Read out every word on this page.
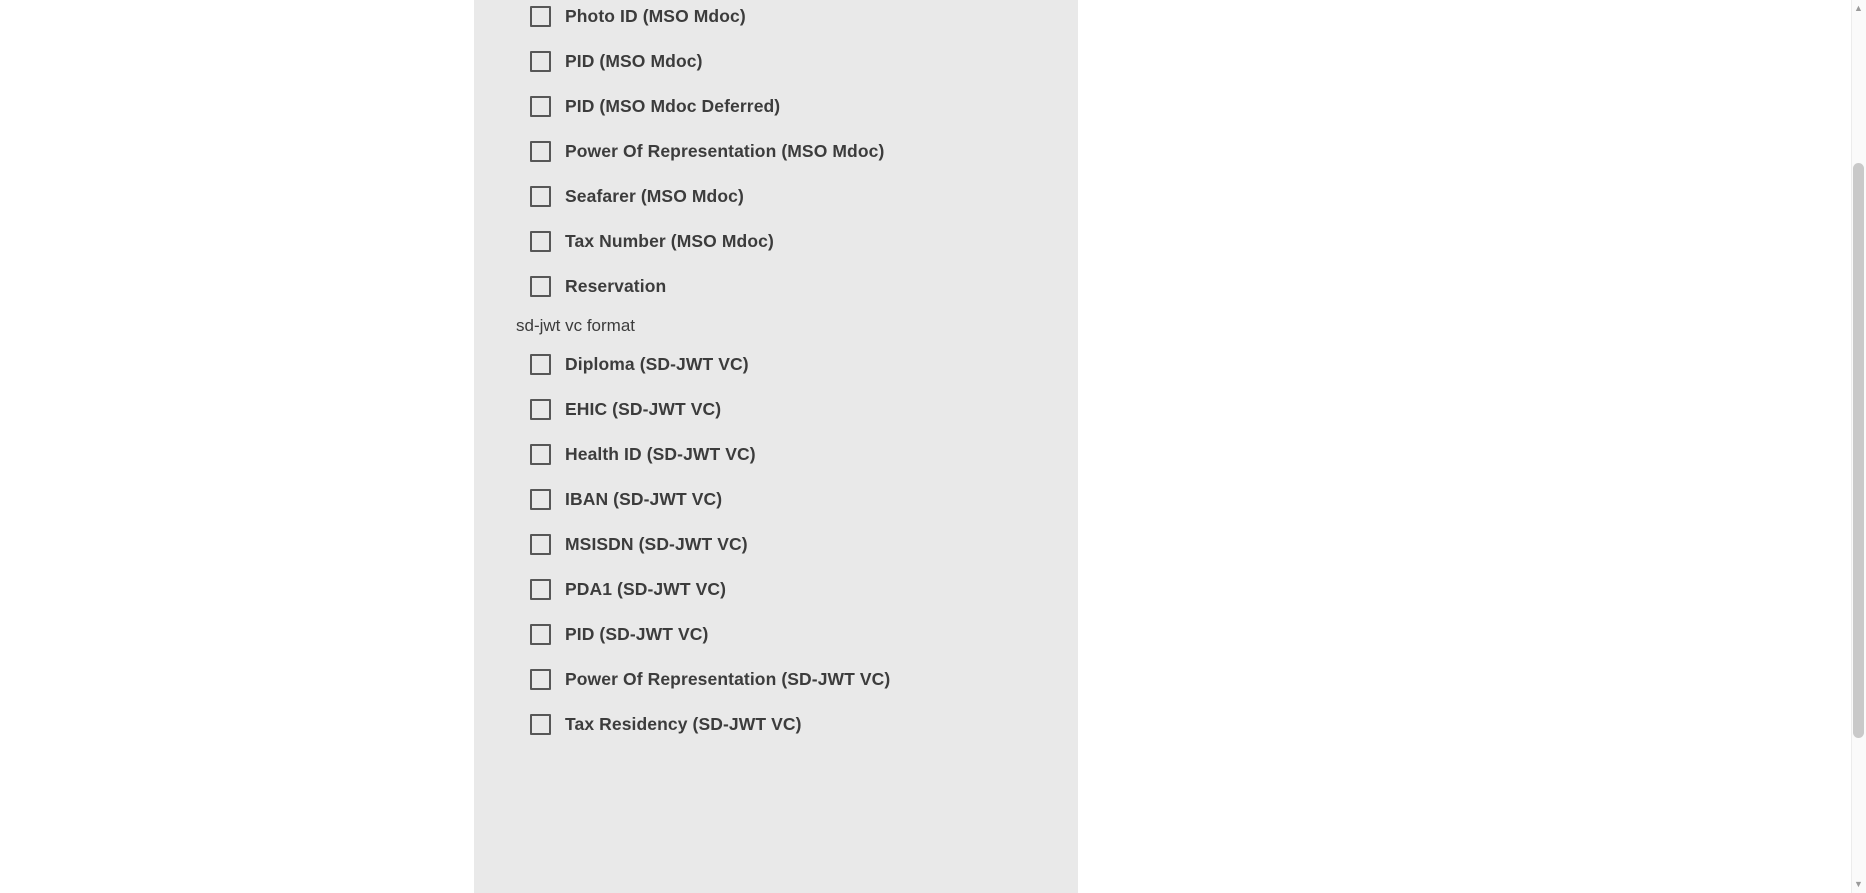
Photo ID (MSO Mdoc)
PID (MSO Mdoc)
PID (MSO Mdoc Deferred)
Power Of Representation (MSO Mdoc)
Seafarer (MSO Mdoc)
Tax Number (MSO Mdoc)
Reservation
sd-jwt vc format
Diploma (SD-JWT VC)
EHIC (SD-JWT VC)
Health ID (SD-JWT VC)
IBAN (SD-JWT VC)
MSISDN (SD-JWT VC)
PDA1 (SD-JWT VC)
PID (SD-JWT VC)
Power Of Representation (SD-JWT VC)
Tax Residency (SD-JWT VC)
▲
▼
